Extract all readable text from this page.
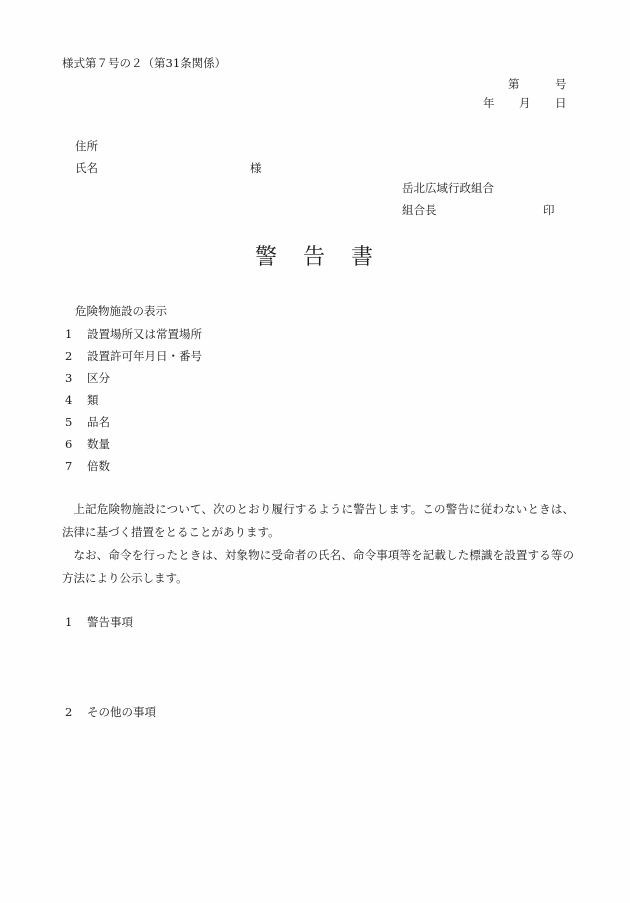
様式第７号の２（第31条関係）
第	号
年 月 日
住所
氏名	様
岳北広域行政組合
組合長	印
警 告 書
危険物施設の表示
1 設置場所又は常置場所
2 設置許可年月日・番号
3 区分
4 類
5 品名
6 数量
7 倍数

上記危険物施設について、次のとおり履行するように警告します。この警告に従わないときは、法律に基づく措置をとることがあります。

なお、命令を行ったときは、対象物に受命者の氏名、命令事項等を記載した標識を設置する等の方法により公示します。

1 警告事項
2 その他の事項
